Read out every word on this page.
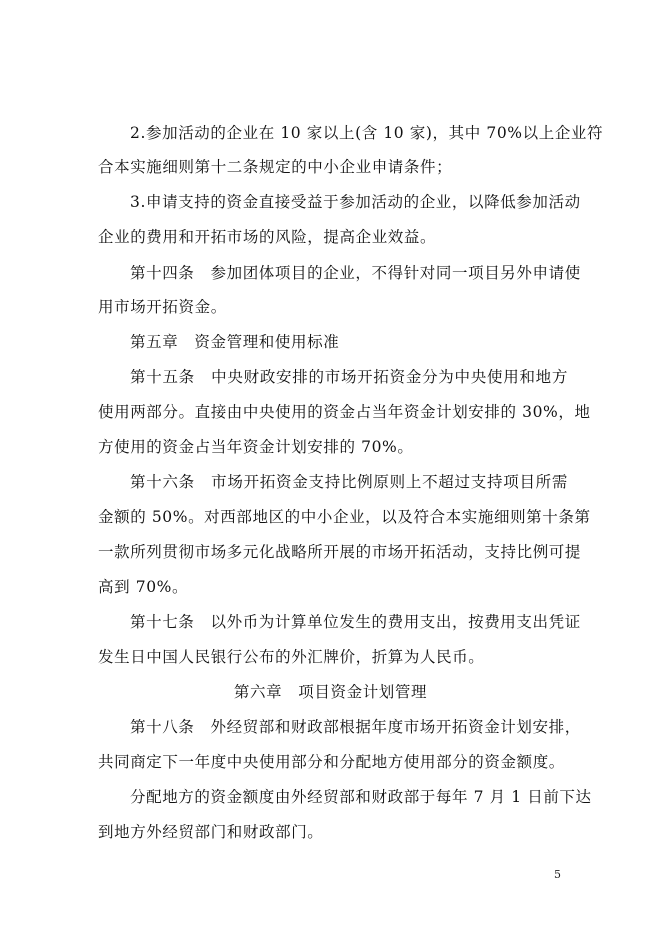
2.参加活动的企业在 10 家以上(含 10 家)，其中 70%以上企业符
合本实施细则第十二条规定的中小企业申请条件；
3.申请支持的资金直接受益于参加活动的企业，以降低参加活动
企业的费用和开拓市场的风险，提高企业效益。
第十四条　参加团体项目的企业，不得针对同一项目另外申请使
用市场开拓资金。
第五章　资金管理和使用标准
第十五条　中央财政安排的市场开拓资金分为中央使用和地方
使用两部分。直接由中央使用的资金占当年资金计划安排的 30%，地
方使用的资金占当年资金计划安排的 70%。
第十六条　市场开拓资金支持比例原则上不超过支持项目所需
金额的 50%。对西部地区的中小企业，以及符合本实施细则第十条第
一款所列贯彻市场多元化战略所开展的市场开拓活动，支持比例可提
高到 70%。
第十七条　以外币为计算单位发生的费用支出，按费用支出凭证
发生日中国人民银行公布的外汇牌价，折算为人民币。
第六章　项目资金计划管理
第十八条　外经贸部和财政部根据年度市场开拓资金计划安排，
共同商定下一年度中央使用部分和分配地方使用部分的资金额度。
分配地方的资金额度由外经贸部和财政部于每年 7 月 1 日前下达
到地方外经贸部门和财政部门。
5
